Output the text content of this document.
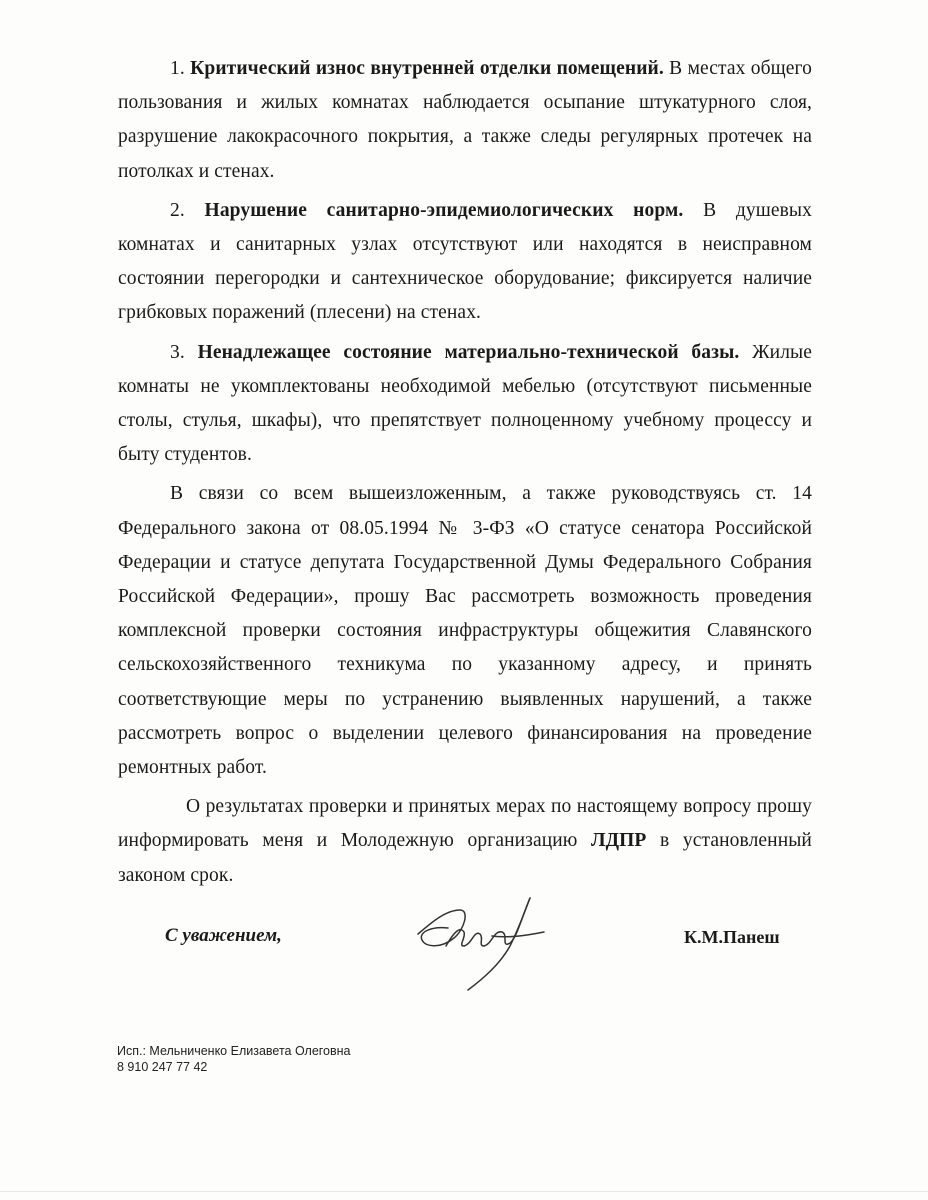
1. Критический износ внутренней отделки помещений. В местах общего пользования и жилых комнатах наблюдается осыпание штукатурного слоя, разрушение лакокрасочного покрытия, а также следы регулярных протечек на потолках и стенах.

2. Нарушение санитарно-эпидемиологических норм. В душевых комнатах и санитарных узлах отсутствуют или находятся в неисправном состоянии перегородки и сантехническое оборудование; фиксируется наличие грибковых поражений (плесени) на стенах.

3. Ненадлежащее состояние материально-технической базы. Жилые комнаты не укомплектованы необходимой мебелью (отсутствуют письменные столы, стулья, шкафы), что препятствует полноценному учебному процессу и быту студентов.

В связи со всем вышеизложенным, а также руководствуясь ст. 14 Федерального закона от 08.05.1994 № 3-ФЗ «О статусе сенатора Российской Федерации и статусе депутата Государственной Думы Федерального Собрания Российской Федерации», прошу Вас рассмотреть возможность проведения комплексной проверки состояния инфраструктуры общежития Славянского сельскохозяйственного техникума по указанному адресу, и принять соответствующие меры по устранению выявленных нарушений, а также рассмотреть вопрос о выделении целевого финансирования на проведение ремонтных работ.

О результатах проверки и принятых мерах по настоящему вопросу прошу информировать меня и Молодежную организацию ЛДПР в установленный законом срок.

С уважением,	К.М.Панеш
Исп.: Мельниченко Елизавета Олеговна
8 910 247 77 42
